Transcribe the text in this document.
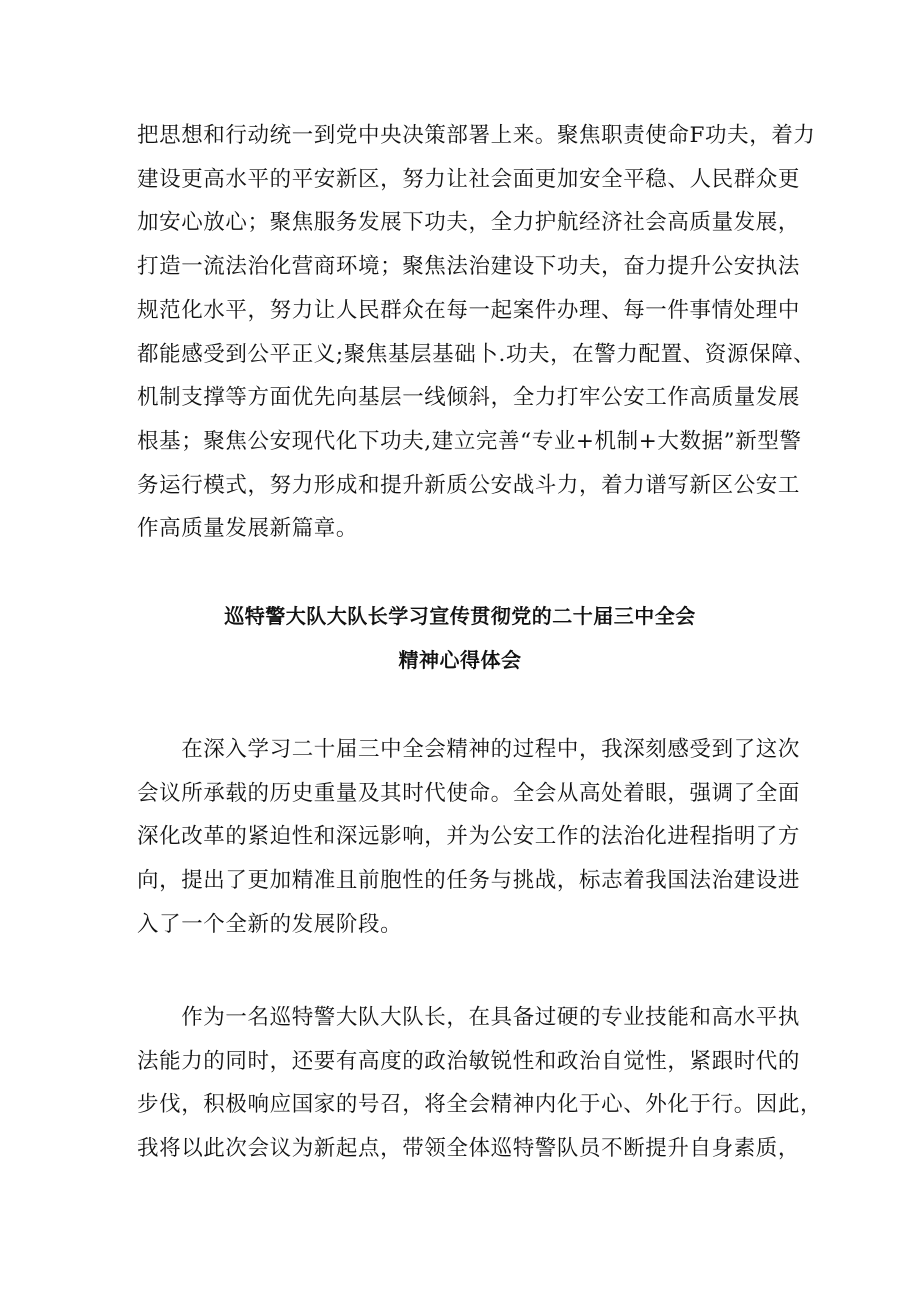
把思想和行动统一到党中央决策部署上来。聚焦职责使命F功夫，着力
建设更高水平的平安新区，努力让社会面更加安全平稳、人民群众更
加安心放心；聚焦服务发展下功夫，全力护航经济社会高质量发展，
打造一流法治化营商环境；聚焦法治建设下功夫，奋力提升公安执法
规范化水平，努力让人民群众在每一起案件办理、每一件事情处理中
都能感受到公平正义;聚焦基层基础卜.功夫，在警力配置、资源保障、
机制支撑等方面优先向基层一线倾斜，全力打牢公安工作高质量发展
根基；聚焦公安现代化下功夫,建立完善“专业+机制+大数据”新型警
务运行模式，努力形成和提升新质公安战斗力，着力谱写新区公安工
作高质量发展新篇章。
巡特警大队大队长学习宣传贯彻党的二十届三中全会
精神心得体会
　　在深入学习二十届三中全会精神的过程中，我深刻感受到了这次
会议所承载的历史重量及其时代使命。全会从高处着眼，强调了全面
深化改革的紧迫性和深远影响，并为公安工作的法治化进程指明了方
向，提出了更加精准且前胞性的任务与挑战，标志着我国法治建设进
入了一个全新的发展阶段。
　　作为一名巡特警大队大队长，在具备过硬的专业技能和高水平执
法能力的同时，还要有高度的政治敏锐性和政治自觉性，紧跟时代的
步伐，积极响应国家的号召，将全会精神内化于心、外化于行。因此，
我将以此次会议为新起点，带领全体巡特警队员不断提升自身素质，
